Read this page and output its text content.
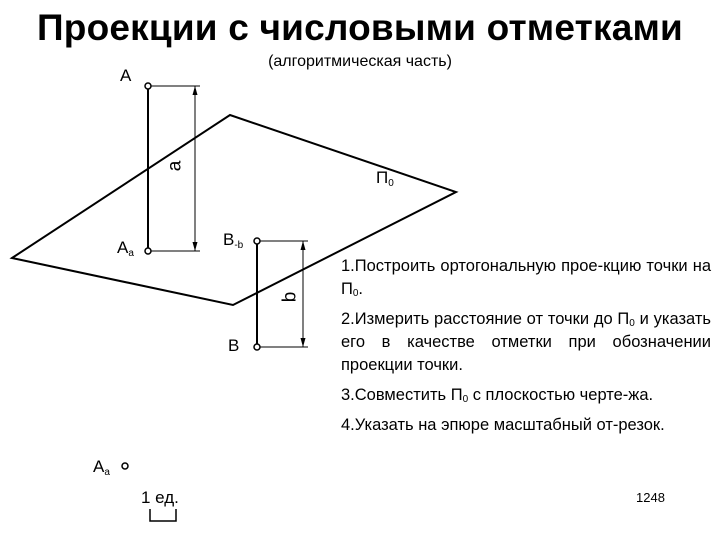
Проекции с числовыми отметками
(алгоритмическая часть)
A
$A_a$
a
$П_0$
$B_{-b}$
b
B
$A_a$
1 ед.

1.Построить ортогональную прое-кцию точки на $П_0$.

2.Измерить расстояние от точки до $П_0$ и указать его в качестве отметки при обозначении проекции точки.

3.Совместить $П_0$ с плоскостью черте-жа.

4.Указать на эпюре масштабный от-резок.

1248
